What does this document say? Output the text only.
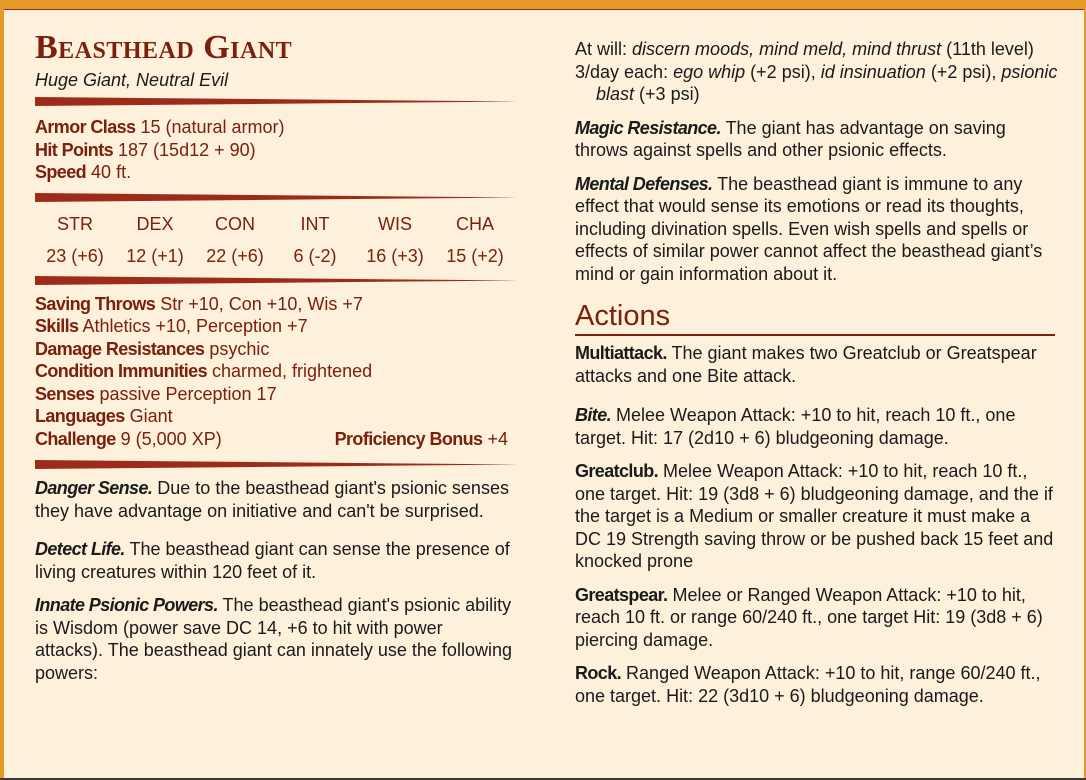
Beasthead Giant
Huge Giant, Neutral Evil
Armor Class 15 (natural armor)
Hit Points 187 (15d12 + 90)
Speed 40 ft.
STR
23 (+6)
DEX
12 (+1)
CON
22 (+6)
INT
6 (-2)
WIS
16 (+3)
CHA
15 (+2)
Saving Throws Str +10, Con +10, Wis +7
Skills Athletics +10, Perception +7
Damage Resistances psychic
Condition Immunities charmed, frightened
Senses passive Perception 17
Languages Giant
Challenge 9 (5,000 XP)	Proficiency Bonus +4
Danger Sense. Due to the beasthead giant's psionic senses they have advantage on initiative and can't be surprised.
Detect Life. The beasthead giant can sense the presence of living creatures within 120 feet of it.
Innate Psionic Powers. The beasthead giant's psionic ability is Wisdom (power save DC 14, +6 to hit with power attacks). The beasthead giant can innately use the following powers:
At will: discern moods, mind meld, mind thrust (11th level)
3/day each: ego whip (+2 psi), id insinuation (+2 psi), psionic blast (+3 psi)
Magic Resistance. The giant has advantage on saving throws against spells and other psionic effects.
Mental Defenses. The beasthead giant is immune to any effect that would sense its emotions or read its thoughts, including divination spells. Even wish spells and spells or effects of similar power cannot affect the beasthead giant’s mind or gain information about it.
Actions
Multiattack. The giant makes two Greatclub or Greatspear attacks and one Bite attack.
Bite. Melee Weapon Attack: +10 to hit, reach 10 ft., one target. Hit: 17 (2d10 + 6) bludgeoning damage.
Greatclub. Melee Weapon Attack: +10 to hit, reach 10 ft., one target. Hit: 19 (3d8 + 6) bludgeoning damage, and the if the target is a Medium or smaller creature it must make a DC 19 Strength saving throw or be pushed back 15 feet and knocked prone
Greatspear. Melee or Ranged Weapon Attack: +10 to hit, reach 10 ft. or range 60/240 ft., one target Hit: 19 (3d8 + 6) piercing damage.
Rock. Ranged Weapon Attack: +10 to hit, range 60/240 ft., one target. Hit: 22 (3d10 + 6) bludgeoning damage.
